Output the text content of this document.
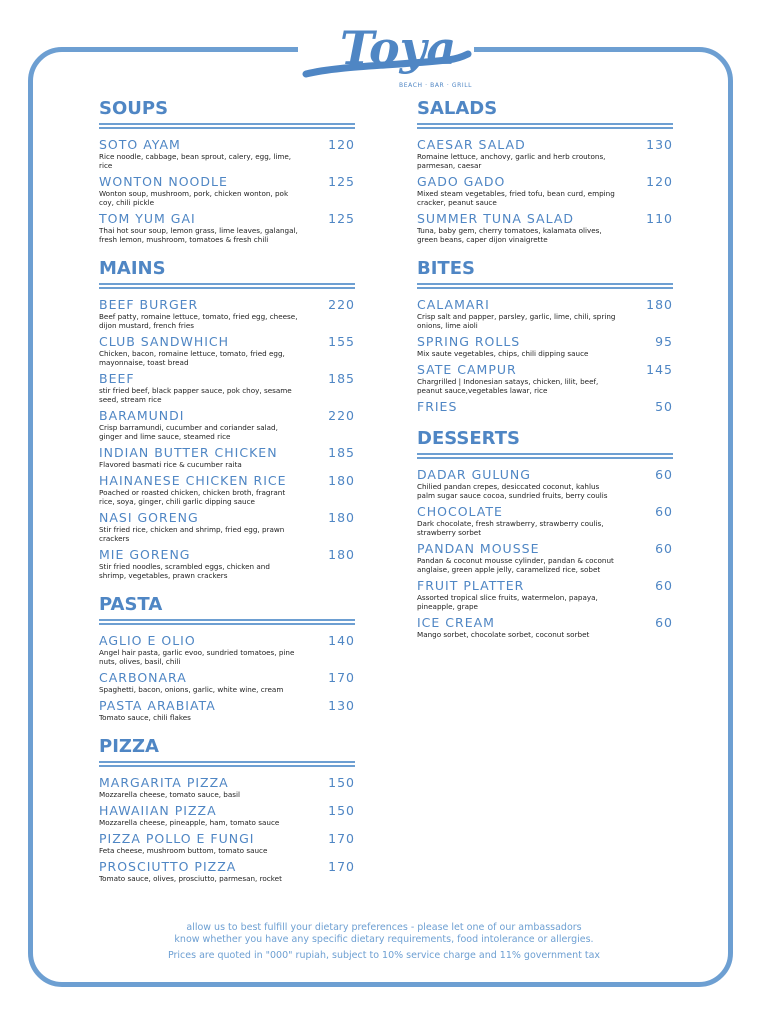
Toya
BEACH · BAR · GRILL
SOUPS
SOTO AYAM	120
Rice noodle, cabbage, bean sprout, calery, egg, lime, rice
WONTON NOODLE	125
Wonton soup, mushroom, pork, chicken wonton, pok coy, chili pickle
TOM YUM GAI	125
Thai hot sour soup, lemon grass, lime leaves, galangal, fresh lemon, mushroom, tomatoes & fresh chili
MAINS
BEEF BURGER	220
Beef patty, romaine lettuce, tomato, fried egg, cheese, dijon mustard, french fries
CLUB SANDWHICH	155
Chicken, bacon, romaine lettuce, tomato, fried egg, mayonnaise, toast bread
BEEF	185
stir fried beef, black papper sauce, pok choy, sesame seed, stream rice
BARAMUNDI	220
Crisp barramundi, cucumber and coriander salad, ginger and lime sauce, steamed rice
INDIAN BUTTER CHICKEN	185
Flavored basmati rice & cucumber raita
HAINANESE CHICKEN RICE	180
Poached or roasted chicken, chicken broth, fragrant rice, soya, ginger, chili garlic dipping sauce
NASI GORENG	180
Stir fried rice, chicken and shrimp, fried egg, prawn crackers
MIE GORENG	180
Stir fried noodles, scrambled eggs, chicken and shrimp, vegetables, prawn crackers
PASTA
AGLIO E OLIO	140
Angel hair pasta, garlic evoo, sundried tomatoes, pine nuts, olives, basil, chili
CARBONARA	170
Spaghetti, bacon, onions, garlic, white wine, cream
PASTA ARABIATA	130
Tomato sauce, chili flakes
PIZZA
MARGARITA PIZZA	150
Mozzarella cheese, tomato sauce, basil
HAWAIIAN PIZZA	150
Mozzarella cheese, pineapple, ham, tomato sauce
PIZZA POLLO E FUNGI	170
Feta cheese, mushroom buttom, tomato sauce
PROSCIUTTO PIZZA	170
Tomato sauce, olives, prosciutto, parmesan, rocket
SALADS
CAESAR SALAD	130
Romaine lettuce, anchovy, garlic and herb croutons, parmesan, caesar
GADO GADO	120
Mixed steam vegetables, fried tofu, bean curd, emping cracker, peanut sauce
SUMMER TUNA SALAD	110
Tuna, baby gem, cherry tomatoes, kalamata olives, green beans, caper dijon vinaigrette
BITES
CALAMARI	180
Crisp salt and papper, parsley, garlic, lime, chili, spring onions, lime aioli
SPRING ROLLS	95
Mix saute vegetables, chips, chili dipping sauce
SATE CAMPUR	145
Chargrilled | Indonesian satays, chicken, lilit, beef, peanut sauce,vegetables lawar, rice
FRIES	50
DESSERTS
DADAR GULUNG	60
Chilied pandan crepes, desiccated coconut, kahlus palm sugar sauce cocoa, sundried fruits, berry coulis
CHOCOLATE	60
Dark chocolate, fresh strawberry, strawberry coulis, strawberry sorbet
PANDAN MOUSSE	60
Pandan & coconut mousse cylinder, pandan & coconut anglaise, green apple jelly, caramelized rice, sobet
FRUIT PLATTER	60
Assorted tropical slice fruits, watermelon, papaya, pineapple, grape
ICE CREAM	60
Mango sorbet, chocolate sorbet, coconut sorbet

allow us to best fulfill your dietary preferences - please let one of our ambassadors

know whether you have any specific dietary requirements, food intolerance or allergies.

Prices are quoted in "000" rupiah, subject to 10% service charge and 11% government tax
